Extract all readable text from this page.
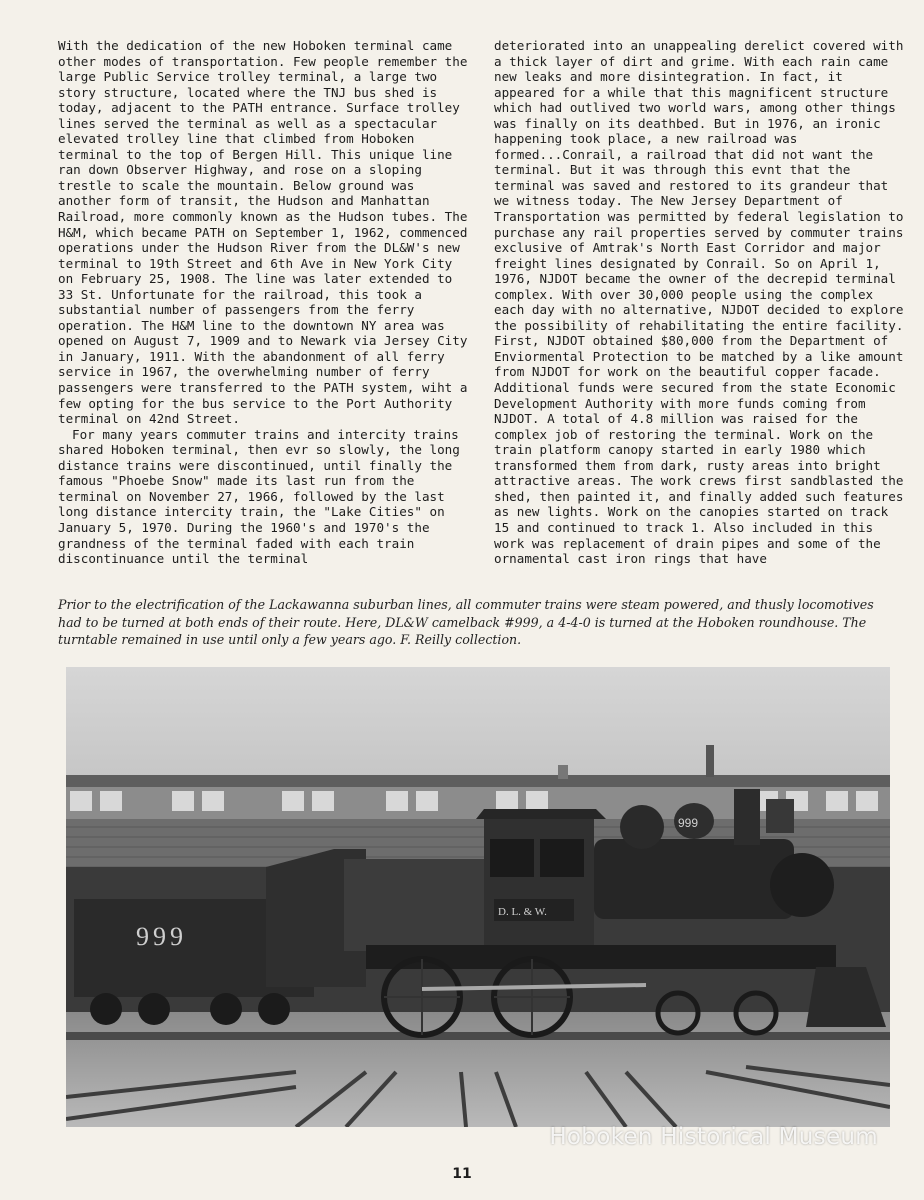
With the dedication of the new Hoboken terminal came other modes of transportation. Few people remember the large Public Service trolley terminal, a large two story structure, located where the TNJ bus shed is today, adjacent to the PATH entrance. Surface trolley lines served the terminal as well as a spectacular elevated trolley line that climbed from Hoboken terminal to the top of Bergen Hill. This unique line ran down Observer Highway, and rose on a sloping trestle to scale the mountain. Below ground was another form of transit, the Hudson and Manhattan Railroad, more commonly known as the Hudson tubes. The H&M, which became PATH on September 1, 1962, commenced operations under the Hudson River from the DL&W's new terminal to 19th Street and 6th Ave in New York City on February 25, 1908. The line was later extended to 33 St. Unfortunate for the railroad, this took a substantial number of passengers from the ferry operation. The H&M line to the downtown NY area was opened on August 7, 1909 and to Newark via Jersey City in January, 1911. With the abandonment of all ferry service in 1967, the overwhelming number of ferry passengers were transferred to the PATH system, wiht a few opting for the bus service to the Port Authority terminal on 42nd Street.

For many years commuter trains and intercity trains shared Hoboken terminal, then evr so slowly, the long distance trains were discontinued, until finally the famous "Phoebe Snow" made its last run from the terminal on November 27, 1966, followed by the last long distance intercity train, the "Lake Cities" on January 5, 1970. During the 1960's and 1970's the grandness of the terminal faded with each train discontinuance until the terminal

deteriorated into an unappealing derelict covered with a thick layer of dirt and grime. With each rain came new leaks and more disintegration. In fact, it appeared for a while that this magnificent structure which had outlived two world wars, among other things was finally on its deathbed. But in 1976, an ironic happening took place, a new railroad was formed...Conrail, a railroad that did not want the terminal. But it was through this evnt that the terminal was saved and restored to its grandeur that we witness today. The New Jersey Department of Transportation was permitted by federal legislation to purchase any rail properties served by commuter trains exclusive of Amtrak's North East Corridor and major freight lines designated by Conrail. So on April 1, 1976, NJDOT became the owner of the decrepid terminal complex. With over 30,000 people using the complex each day with no alternative, NJDOT decided to explore the possibility of rehabilitating the entire facility. First, NJDOT obtained $80,000 from the Department of Enviormental Protection to be matched by a like amount from NJDOT for work on the beautiful copper facade. Additional funds were secured from the state Economic Development Authority with more funds coming from NJDOT. A total of 4.8 million was raised for the complex job of restoring the terminal. Work on the train platform canopy started in early 1980 which transformed them from dark, rusty areas into bright attractive areas. The work crews first sandblasted the shed, then painted it, and finally added such features as new lights. Work on the canopies started on track 15 and continued to track 1. Also included in this work was replacement of drain pipes and some of the ornamental cast iron rings that have

Prior to the electrification of the Lackawanna suburban lines, all commuter trains were steam powered, and thusly locomotives had to be turned at both ends of their route. Here, DL&W camelback #999, a 4-4-0 is turned at the Hoboken roundhouse. The turntable remained in use until only a few years ago. F. Reilly collection.
999
D. L. & W.
999
Hoboken Historical Museum
11
